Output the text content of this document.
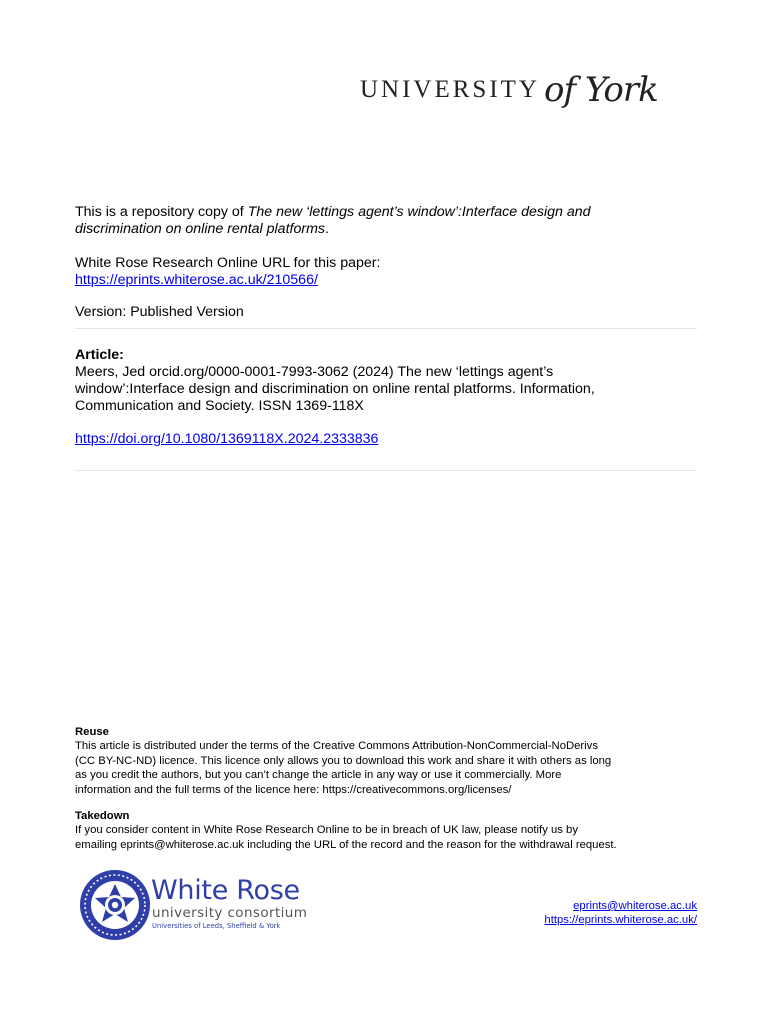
UNIVERSITY of York
This is a repository copy of The new ‘lettings agent’s window’:Interface design and
discrimination on online rental platforms.
White Rose Research Online URL for this paper:
https://eprints.whiterose.ac.uk/210566/
Version: Published Version
Article:
Meers, Jed orcid.org/0000-0001-7993-3062 (2024) The new ‘lettings agent’s
window’:Interface design and discrimination on online rental platforms. Information,
Communication and Society. ISSN 1369-118X
https://doi.org/10.1080/1369118X.2024.2333836
Reuse
This article is distributed under the terms of the Creative Commons Attribution-NonCommercial-NoDerivs
(CC BY-NC-ND) licence. This licence only allows you to download this work and share it with others as long
as you credit the authors, but you can’t change the article in any way or use it commercially. More
information and the full terms of the licence here: https://creativecommons.org/licenses/
Takedown
If you consider content in White Rose Research Online to be in breach of UK law, please notify us by
emailing eprints@whiterose.ac.uk including the URL of the record and the reason for the withdrawal request.
White Rose
university consortium
Universities of Leeds, Sheffield & York
eprints@whiterose.ac.uk
https://eprints.whiterose.ac.uk/
